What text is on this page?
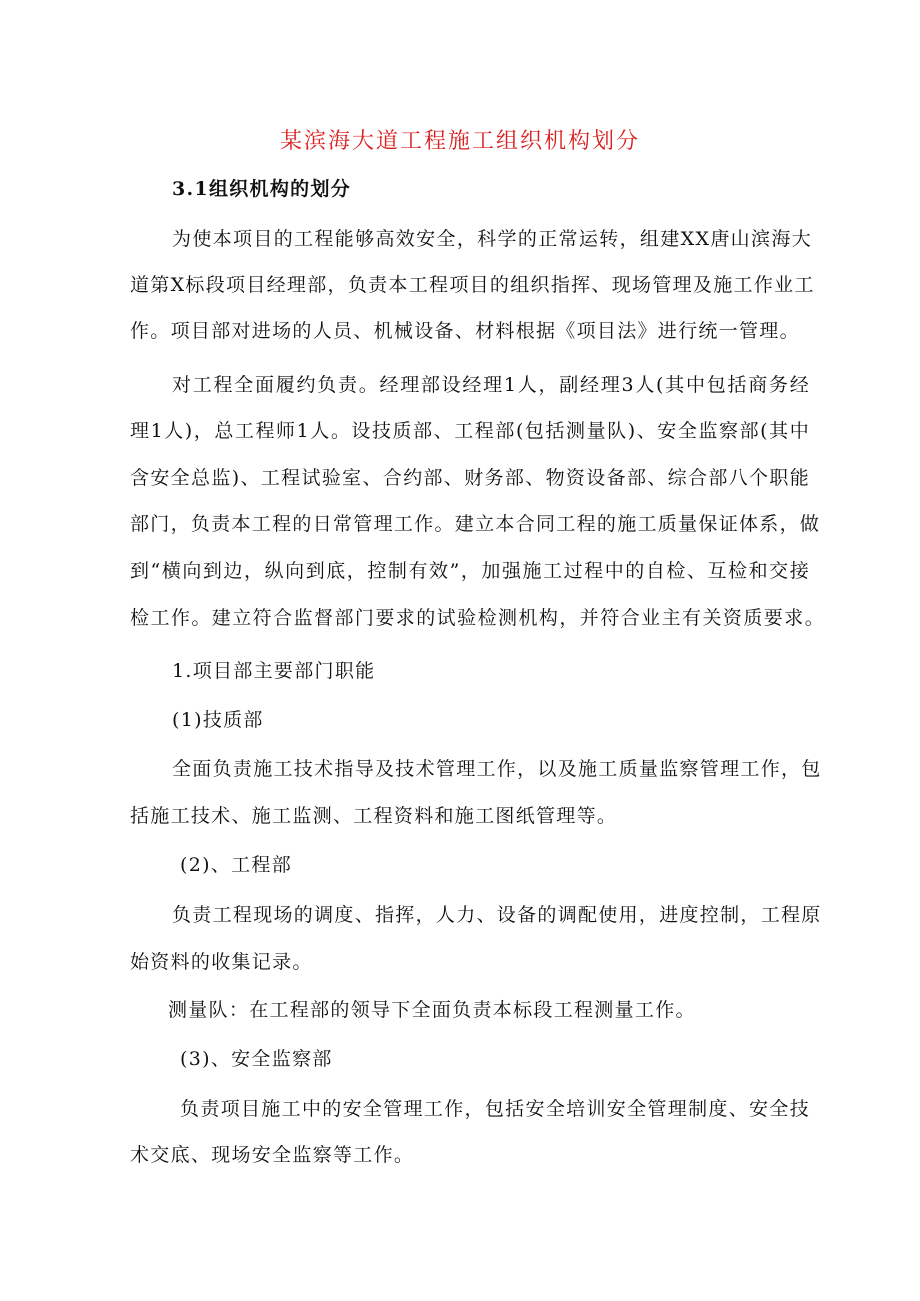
某滨海大道工程施工组织机构划分
3.1组织机构的划分
为使本项目的工程能够高效安全，科学的正常运转，组建XX唐山滨海大
道第X标段项目经理部，负责本工程项目的组织指挥、现场管理及施工作业工
作。项目部对进场的人员、机械设备、材料根据《项目法》进行统一管理。
对工程全面履约负责。经理部设经理1人，副经理3人(其中包括商务经
理1人)，总工程师1人。设技质部、工程部(包括测量队)、安全监察部(其中
含安全总监)、工程试验室、合约部、财务部、物资设备部、综合部八个职能
部门，负责本工程的日常管理工作。建立本合同工程的施工质量保证体系，做
到“横向到边，纵向到底，控制有效”，加强施工过程中的自检、互检和交接
检工作。建立符合监督部门要求的试验检测机构，并符合业主有关资质要求。
1.项目部主要部门职能
(1)技质部
全面负责施工技术指导及技术管理工作，以及施工质量监察管理工作，包
括施工技术、施工监测、工程资料和施工图纸管理等。
(2)、工程部
负责工程现场的调度、指挥，人力、设备的调配使用，进度控制，工程原
始资料的收集记录。
测量队：在工程部的领导下全面负责本标段工程测量工作。
(3)、安全监察部
负责项目施工中的安全管理工作，包括安全培训安全管理制度、安全技
术交底、现场安全监察等工作。
